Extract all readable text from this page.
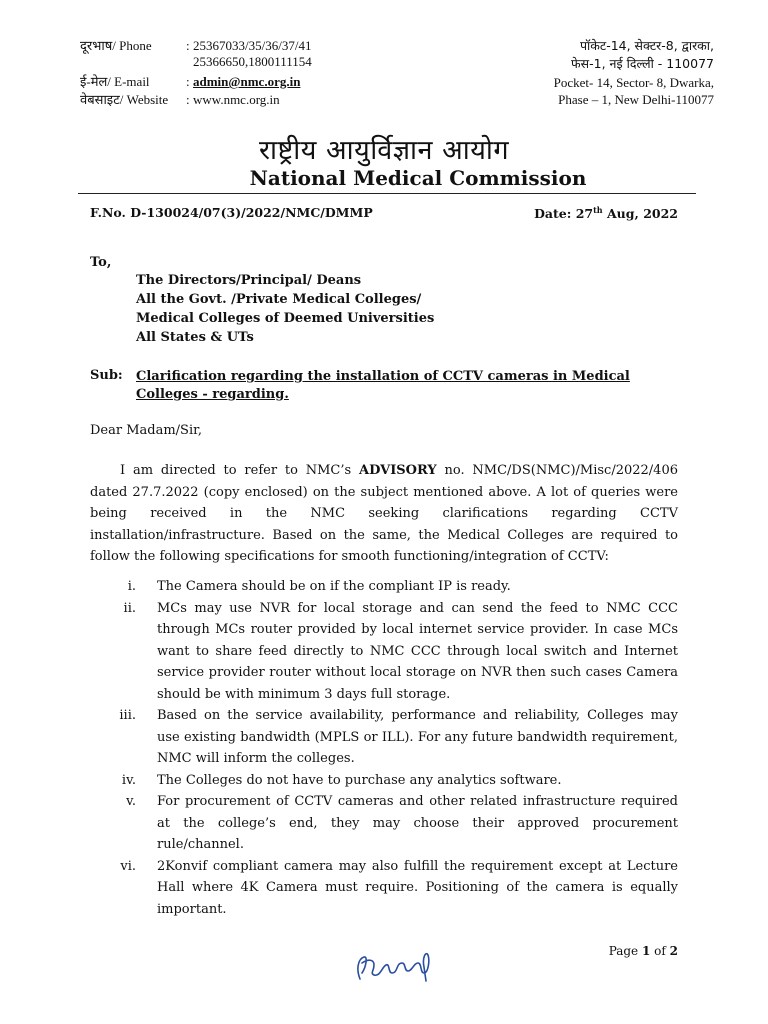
दूरभाष/ Phone	: 25367033/35/36/37/41
25366650,1800111154
ई-मेल/ E-mail	: admin@nmc.org.in
वेबसाइट/ Website : www.nmc.org.in
पॉकेट-14, सेक्टर-8, द्वारका,
फेस-1, नई दिल्ली - 110077
Pocket- 14, Sector- 8, Dwarka,
Phase – 1, New Delhi-110077
राष्ट्रीय आयुर्विज्ञान आयोग
National Medical Commission
F.No. D-130024/07(3)/2022/NMC/DMMP	Date: 27th Aug, 2022
To,
The Directors/Principal/ Deans
All the Govt. /Private Medical Colleges/
Medical Colleges of Deemed Universities
All States & UTs
Sub: Clarification regarding the installation of CCTV cameras in Medical Colleges - regarding.
Dear Madam/Sir,

I am directed to refer to NMC’s ADVISORY no. NMC/DS(NMC)/Misc/2022/406 dated 27.7.2022 (copy enclosed) on the subject mentioned above. A lot of queries were being received in the NMC seeking clarifications regarding CCTV installation/infrastructure. Based on the same, the Medical Colleges are required to follow the following specifications for smooth functioning/integration of CCTV:

i. The Camera should be on if the compliant IP is ready.
ii. MCs may use NVR for local storage and can send the feed to NMC CCC through MCs router provided by local internet service provider. In case MCs want to share feed directly to NMC CCC through local switch and Internet service provider router without local storage on NVR then such cases Camera should be with minimum 3 days full storage.
iii. Based on the service availability, performance and reliability, Colleges may use existing bandwidth (MPLS or ILL). For any future bandwidth requirement, NMC will inform the colleges.
iv. The Colleges do not have to purchase any analytics software.
v. For procurement of CCTV cameras and other related infrastructure required at the college’s end, they may choose their approved procurement rule/channel.
vi. 2Konvif compliant camera may also fulfill the requirement except at Lecture Hall where 4K Camera must require. Positioning of the camera is equally important.
Page 1 of 2
